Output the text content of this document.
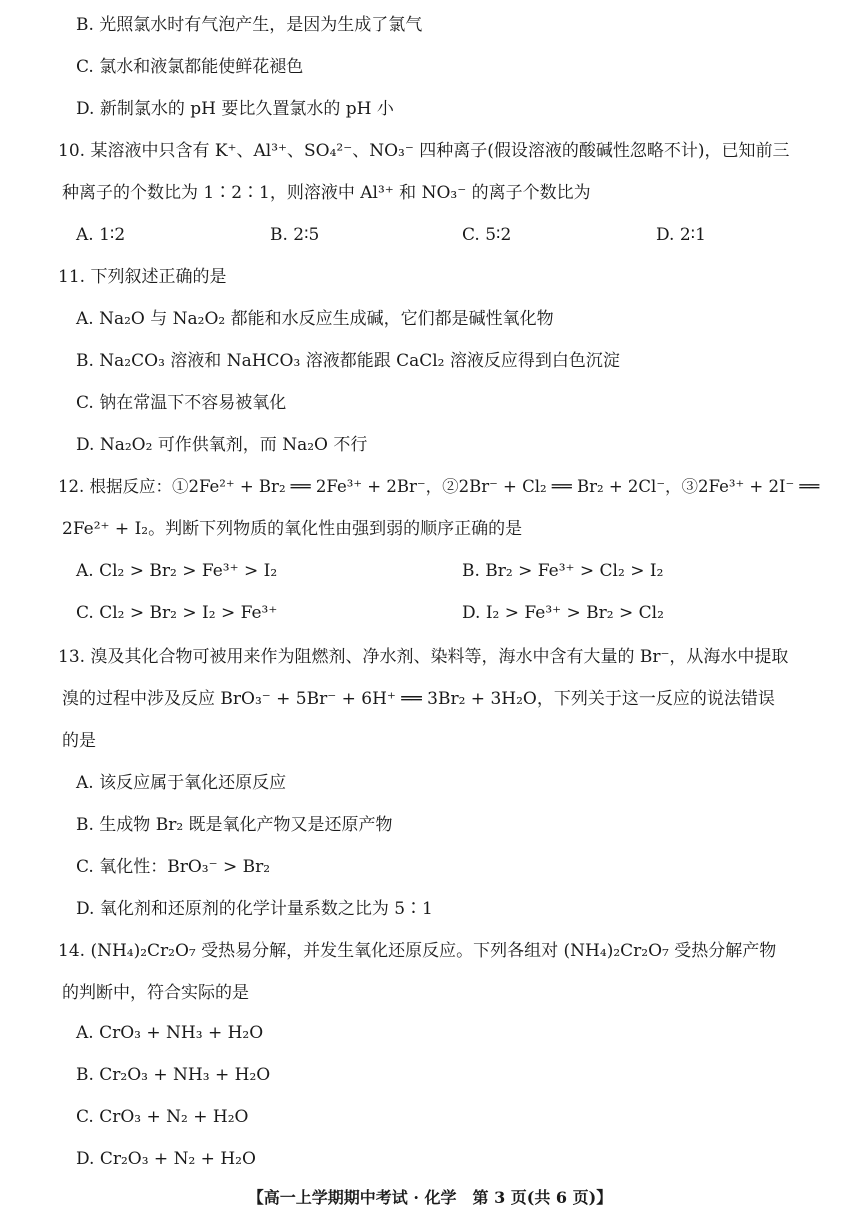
B. 光照氯水时有气泡产生，是因为生成了氯气
C. 氯水和液氯都能使鲜花褪色
D. 新制氯水的 pH 要比久置氯水的 pH 小
10. 某溶液中只含有 K⁺、Al³⁺、SO₄²⁻、NO₃⁻ 四种离子(假设溶液的酸碱性忽略不计)，已知前三
种离子的个数比为 1∶2∶1，则溶液中 Al³⁺ 和 NO₃⁻ 的离子个数比为
A. 1∶2	B. 2∶5	C. 5∶2	D. 2∶1
11. 下列叙述正确的是
A. Na₂O 与 Na₂O₂ 都能和水反应生成碱，它们都是碱性氧化物
B. Na₂CO₃ 溶液和 NaHCO₃ 溶液都能跟 CaCl₂ 溶液反应得到白色沉淀
C. 钠在常温下不容易被氧化
D. Na₂O₂ 可作供氧剂，而 Na₂O 不行
12. 根据反应：①2Fe²⁺ + Br₂ ══ 2Fe³⁺ + 2Br⁻，②2Br⁻ + Cl₂ ══ Br₂ + 2Cl⁻，③2Fe³⁺ + 2I⁻ ══
2Fe²⁺ + I₂。判断下列物质的氧化性由强到弱的顺序正确的是
A. Cl₂ > Br₂ > Fe³⁺ > I₂	B. Br₂ > Fe³⁺ > Cl₂ > I₂
C. Cl₂ > Br₂ > I₂ > Fe³⁺	D. I₂ > Fe³⁺ > Br₂ > Cl₂
13. 溴及其化合物可被用来作为阻燃剂、净水剂、染料等，海水中含有大量的 Br⁻，从海水中提取
溴的过程中涉及反应 BrO₃⁻ + 5Br⁻ + 6H⁺ ══ 3Br₂ + 3H₂O，下列关于这一反应的说法错误
的是
A. 该反应属于氧化还原反应
B. 生成物 Br₂ 既是氧化产物又是还原产物
C. 氧化性：BrO₃⁻ > Br₂
D. 氧化剂和还原剂的化学计量系数之比为 5∶1
14. (NH₄)₂Cr₂O₇ 受热易分解，并发生氧化还原反应。下列各组对 (NH₄)₂Cr₂O₇ 受热分解产物
的判断中，符合实际的是
A. CrO₃ + NH₃ + H₂O
B. Cr₂O₃ + NH₃ + H₂O
C. CrO₃ + N₂ + H₂O
D. Cr₂O₃ + N₂ + H₂O
【高一上学期期中考试 · 化学　第 3 页(共 6 页)】
